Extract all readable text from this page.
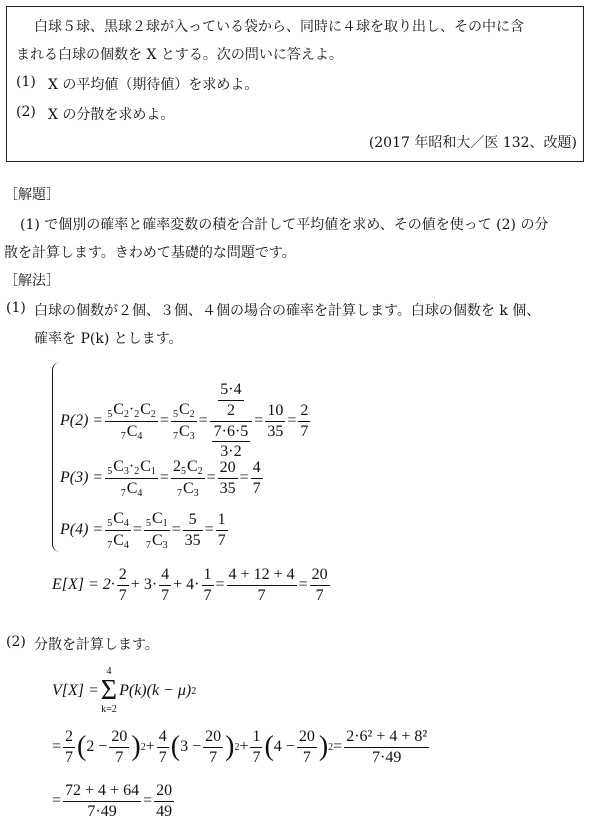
白球５球、黒球２球が入っている袋から、同時に４球を取り出し、その中に含
まれる白球の個数を X とする。次の問いに答えよ。
(1) X の平均値（期待値）を求めよ。
(2) X の分散を求めよ。
(2017 年昭和大／医 132、改題)
［解題］
(1) で個別の確率と確率変数の積を合計して平均値を求め、その値を使って (2) の分
散を計算します。きわめて基礎的な問題です。
［解法］
(1) 白球の個数が２個、３個、４個の場合の確率を計算します。白球の個数を k 個、
確率を P(k) とします。
$P(2) = \frac{5C_2\cdot 2C_2}{7C_4} = \frac{5C_2}{7C_3} = \frac{\frac{5\cdot 4}{2}}{\frac{7\cdot 6\cdot 5}{3\cdot 2}} = \frac{10}{35} = \frac{2}{7}$
$P(3) = \frac{5C_3\cdot 2C_1}{7C_4} = \frac{25C_2}{7C_3} = \frac{20}{35} = \frac{4}{7}$
$P(4) = \frac{5C_4}{7C_4} = \frac{5C_1}{7C_3} = \frac{5}{35} = \frac{1}{7}$
$E[X] = 2\cdot \frac{2}{7} + 3\cdot \frac{4}{7} + 4\cdot \frac{1}{7} = \frac{4 + 12 + 4}{7} = \frac{20}{7}$
(2) 分散を計算します。
V[X] =
4
Σ
k=2
P(k)(k − μ) 2
= $\frac{2}{7}$ ( $2 - \frac{20}{7}$ ) $2 + \frac{4}{7}$ ( $3 - \frac{20}{7}$ ) $2 + \frac{1}{7}$ ( $4 - \frac{20}{7}$ ) $2 = \frac{\text{2·6² + 4 + 8²}}{7\cdot 49}$
= $\frac{72 + 4 + 64}{7\cdot 49} = \frac{20}{49}$
